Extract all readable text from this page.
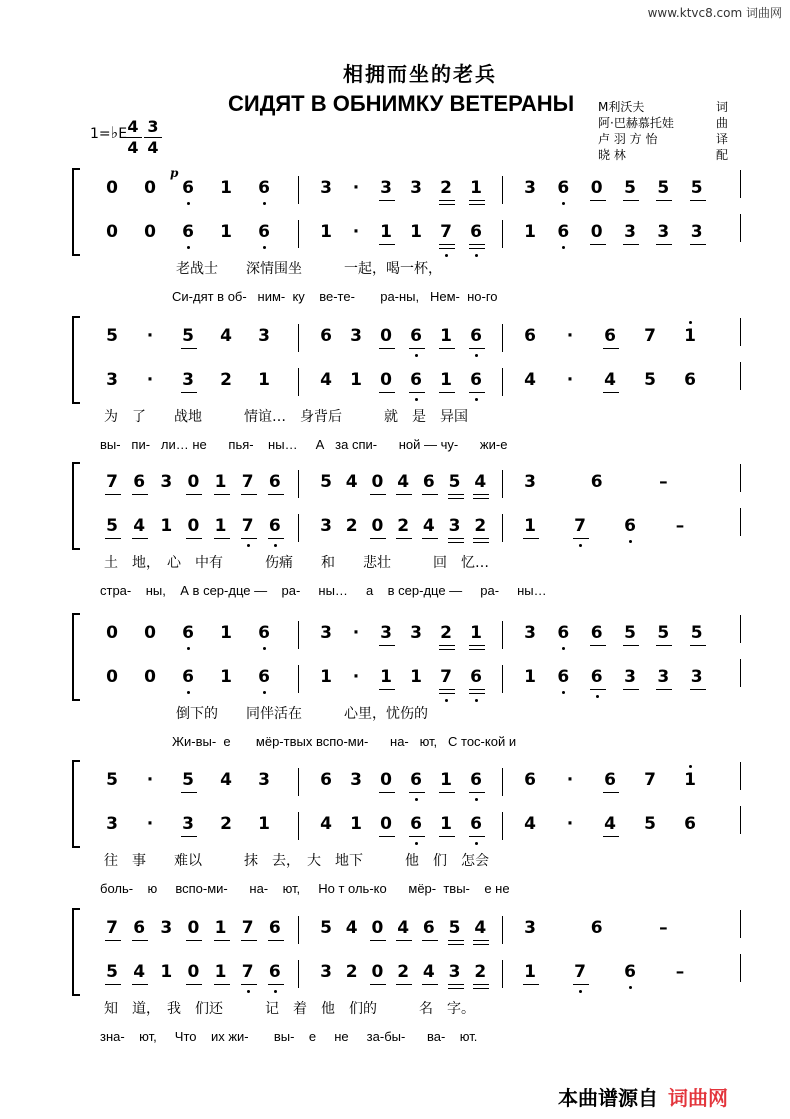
www.ktvc8.com 词曲网
相拥而坐的老兵
СИДЯТ В ОБНИМКУ ВЕТЕРАНЫ M利沃夫	词
阿·巴赫慕托娃	曲
卢 羽 方 怡	译
晓 林	配
1=♭E 4
4
3
4
p
0 0 6 1 6	3 · 3 3 2 1 3 6 0 5 5 5
0 0 6 1 6	1 · 1 1 7 6 1 6 0 3 3 3
老战士　　深情围坐　　　一起，喝一杯，
Си-дят в об-   ним-  ку    ве-те-       ра-ны,   Нем-  но-го
5 · 5 4 3	6 3 0 6 1 6 6 · 6 7 1
3 · 3 2 1	4 1 0 6 1 6 4 · 4 5 6
为　了　　战地　　　情谊…　身背后　　　就　是　异国
вы-   пи-   ли… не      пья-    ны…     А   за спи-      ной — чу-      жи-е
7 6 3 0 1 7 6 5 4 0 4 6 5 4 3	6	–
5 4 1 0 1 7 6 3 2 0 2 4 3 2 1 7 6 –
土　地，　心　中有　　　伤痛　　和　　悲壮　　　回　忆…
стра-    ны,    А в сер-дце —    ра-     ны…     а    в сер-дце —     ра-     ны…
0 0 6 1 6	3 · 3 3 2 1 3 6 6 5 5 5
0 0 6 1 6	1 · 1 1 7 6 1 6 6 3 3 3
倒下的　　同伴活在　　　心里，忧伤的
Жи-вы-  е       мёр-твых вспо-ми-      на-   ют,   С тос-кой и
5 · 5 4 3	6 3 0 6 1 6 6 · 6 7 1
3 · 3 2 1	4 1 0 6 1 6 4 · 4 5 6
往　事　　难以　　　抹　去，　大　地下　　　他　们　怎会
боль-    ю     вспо-ми-      на-    ют,     Но т оль-ко      мёр-  твы-    е не
7 6 3 0 1 7 6 5 4 0 4 6 5 4 3	6	–
5 4 1 0 1 7 6 3 2 0 2 4 3 2 1 7 6 –
知　道，　我　们还　　　记　着　他　们的　　　名　字。
зна-    ют,     Что    их жи-       вы-    е     не     за-бы-      ва-    ют.
本曲谱源自 词曲网
